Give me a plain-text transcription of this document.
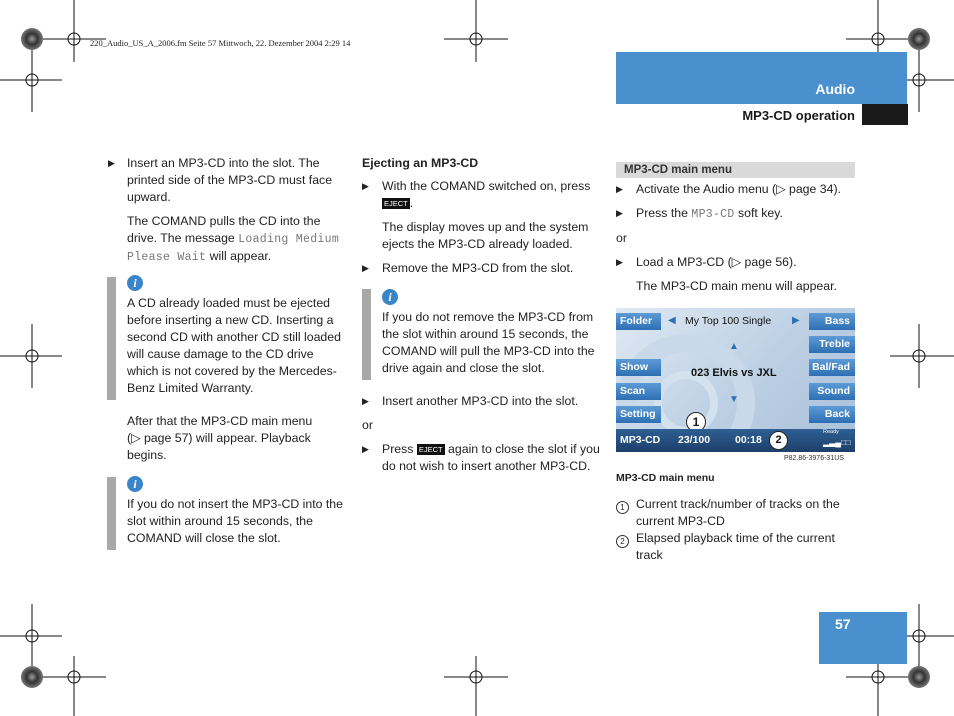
220_Audio_US_A_2006.fm Seite 57 Mittwoch, 22. Dezember 2004 2:29 14
Audio
MP3-CD operation
▶ Insert an MP3-CD into the slot. The
printed side of the MP3-CD must face
upward.
The COMAND pulls the CD into the
drive. The message Loading Medium
Please Wait will appear.
i
A CD already loaded must be ejected
before inserting a new CD. Inserting a
second CD with another CD still loaded
will cause damage to the CD drive
which is not covered by the Mercedes-
Benz Limited Warranty.
After that the MP3-CD main menu
(▷ page 57) will appear. Playback
begins.
i
If you do not insert the MP3-CD into the
slot within around 15 seconds, the
COMAND will close the slot.
Ejecting an MP3-CD
▶ With the COMAND switched on, press
EJECT .
The display moves up and the system
ejects the MP3-CD already loaded.
▶ Remove the MP3-CD from the slot.
i
If you do not remove the MP3-CD from
the slot within around 15 seconds, the
COMAND will pull the MP3-CD into the
drive again and close the slot.
▶ Insert another MP3-CD into the slot.
or
▶ Press EJECT again to close the slot if you
do not wish to insert another MP3-CD.
MP3-CD main menu
▶ Activate the Audio menu (▷ page 34).
▶ Press the MP3-CD soft key.
or
▶ Load a MP3-CD (▷ page 56).
The MP3-CD main menu will appear.
Folder	◀ My Top 100 Single ▶	Bass
Treble
▲
Show	Bal/Fad
023 Elvis vs JXL
Scan	Sound
▼
Setting	Back
1
MP3-CD 23/100 00:18	2
Ready
▂▃▄□□
P82.86-3976-31US
MP3-CD main menu
1 Current track/number of tracks on the
current MP3-CD
2 Elapsed playback time of the current
track
57
